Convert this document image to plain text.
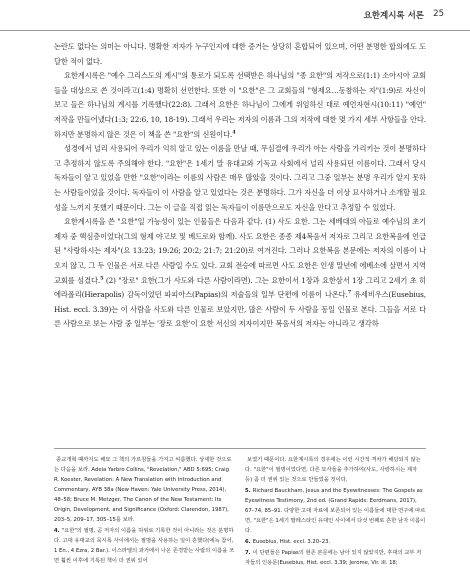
요한계시록 서론 25

논란도 없다는 의미는 아니다. 명확한 저자가 누구인지에 대한 증거는 상당히 혼합되어 있으며, 어떤 분명한 합의에도 도달한 적이 없다.

요한계시록은 "예수 그리스도의 계시"의 통로가 되도록 선택받은 하나님의 "종 요한"의 저작으로(1:1) 소아시아 교회들을 대상으로 쓴 것이라고(1:4) 명확히 선언한다. 또한 이 "요한"은 그 교회들의 "형제요…동참하는 자"(1:9)로 자신이 보고 들은 하나님의 계시를 기록했다(22:8). 그래서 요한은 하나님이 그에게 위임하신 대로 예언자현시(10:11) "예언" 저작을 만들어냈다(1:3; 22:6, 10, 18-19). 그래서 우리는 저자의 이름과 그의 저작에 대한 몇 가지 세부 사항들을 안다. 하지만 분명하지 않은 것은 이 책을 쓴 "요한"의 신원이다.$^4$

성경에서 널리 사용되어 우리가 익히 알고 있는 이름을 만날 때, 무심결에 우리가 아는 사람을 가리키는 것이 분명하다고 추정하지 않도록 주의해야 한다. "요한"은 1세기 말 유대교와 기독교 사회에서 널리 사용되던 이름이다. 그래서 당시 독자들이 알고 있었을 만한 "요한"이라는 이름의 사람은 매우 많았을 것이다. 그리고 그중 일부는 분명 우리가 알지 못하는 사람들이었을 것이다. 독자들이 이 사람을 알고 있었다는 것은 분명하다. 그가 자신을 더 이상 묘사하거나 소개할 필요성을 느끼지 못했기 때문이다. 그는 이 글을 직접 읽는 독자들이 이름만으로도 자신을 안다고 추정할 수 있었다.

요한계시록을 쓴 "요한"일 가능성이 있는 인물들은 다음과 같다. (1) 사도 요한. 그는 세베대의 아들로 예수님의 초기 제자 중 핵심층이었다(그의 형제 야고보 및 베드로와 함께). 사도 요한은 종종 제4복음서 저자로 그리고 요한복음에 언급된 "사랑하시는 제자"(요 13:23; 19:26; 20:2; 21:7; 21:20)로 여겨진다. 그러나 요한복음 본문에는 저자의 이름이 나오지 않고, 그 두 인물은 서로 다른 사람일 수도 있다. 교회 전승에 따르면 사도 요한은 인생 말년에 에베소에 살면서 지역 교회를 섬겼다.$^5$ (2) "장로" 요한(그가 사도와 다른 사람이라면). 그는 요한이서 1장과 요한삼서 1장 그리고 2세기 초 히에라폴리(Hierapolis) 감독이었던 파피아스(Papias)의 저술들의 일부 단편에 이름이 나온다.$^7$ 유세비우스(Eusebius, Hist. eccl. 3.39)는 이 사람을 사도와 다른 인물로 보았지만, 많은 사람이 두 사람을 동일 인물로 본다. 그들을 서로 다른 사람으로 보는 사람 중 일부는 '장로 요한'이 요한 서신의 저자이지만 복음서의 저자는 아니라고 생각하

종교개혁 때까지도 해묘 그 책의 가르침들을 가지고 씨름했다. 상세한 것으로는 다음을 보라. Adela Yarbro Collins, "Revelation," ABD 5:695; Craig R. Koester, Revelation: A New Translation with Introduction and Commentary, AYB 38a (New Haven: Yale University Press, 2014), 48–58; Bruce M. Metzger, The Canon of the New Testament: Its Origin, Development, and Significance (Oxford: Clarendon, 1987), 203–5, 209–17, 305–15를 보라.

4. "요한"의 필명, 곧 저자의 이름을 허위로 기록한 것이 아니라는 것은 분명하다. 고대 유대교의 묵시록 사이에서는 필명을 사용하는 일이 흔했다(에녹 참어, 1 En., 4 Ezra, 2 Bar.). 이스라엘의 과거에서 나온 존경받는 사람의 이름을 쓰면 훨씬 이후에 기록된 책이 더 권위 있어

보였기 때문이다. 요한계시록의 경우에는 이런 시간적 격차가 해당되지 않는다. "요한"이 필명이었다면, 다른 묘사들을 추가하여(사도, 사랑하시는 제자 등) 좀 더 권위 있는 것으로 만들었을 것이다.

5. Richard Bauckham, Jesus and the Eyewitnesses: The Gospels as Eyewitness Testimony, 2nd ed. (Grand Rapids: Eerdmans, 2017), 67–74, 85–91. 다양한 고대 자료에 보존되어 있는 이름들에 대한 연구에 따르면, "요한"은 1세기 팔레스타인 유대인 사이에서 다섯 번째로 흔한 남자 이름이다.

6. Eusebius, Hist. eccl. 3.20–23.

7. 이 단편들은 Papias의 현존 본문에는 남아 있지 않았지만, 후대의 교부 저자들의 인용문(Eusebius, Hist. eccl. 3.39; Jerome, Vir. ill. 18;
